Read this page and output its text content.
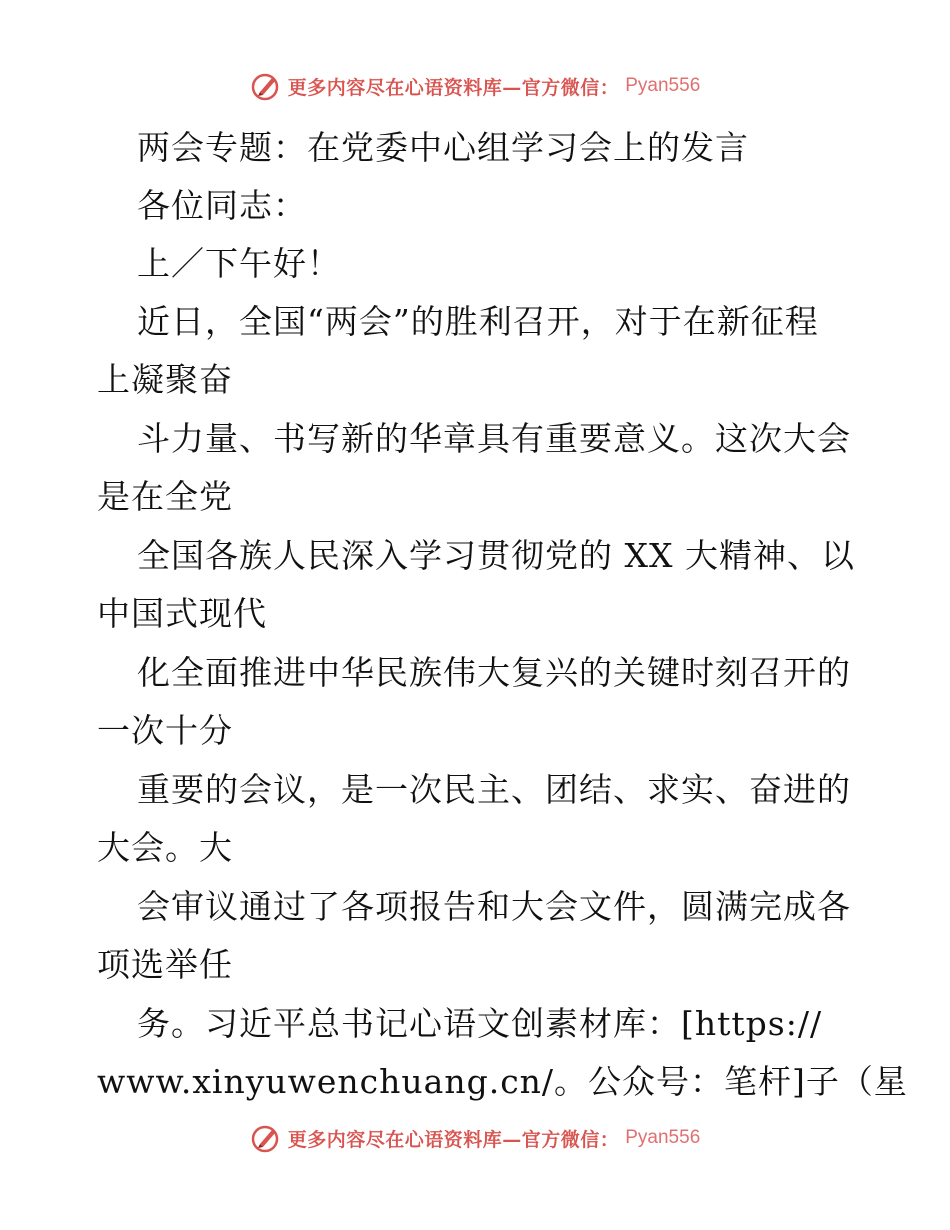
更多内容尽在心语资料库—官方微信： Pyan556
两会专题：在党委中心组学习会上的发言
各位同志：
上／下午好！
近日，全国“两会”的胜利召开，对于在新征程
上凝聚奋
斗力量、书写新的华章具有重要意义。这次大会
是在全党
全国各族人民深入学习贯彻党的 XX 大精神、以
中国式现代
化全面推进中华民族伟大复兴的关键时刻召开的
一次十分
重要的会议，是一次民主、团结、求实、奋进的
大会。大
会审议通过了各项报告和大会文件，圆满完成各
项选举任
务。习近平总书记心语文创素材库：[https://
www.xinyuwenchuang.cn/。公众号：笔杆]子（星
更多内容尽在心语资料库—官方微信： Pyan556
